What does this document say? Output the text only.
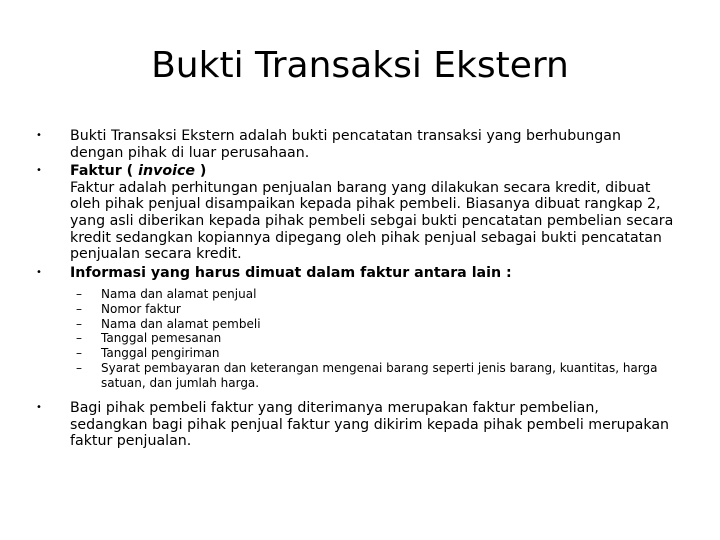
Bukti Transaksi Ekstern
• Bukti Transaksi Ekstern adalah bukti pencatatan transaksi yang berhubungan dengan pihak di luar perusahaan.
• Faktur ( invoice )
Faktur adalah perhitungan penjualan barang yang dilakukan secara kredit, dibuat oleh pihak penjual disampaikan kepada pihak pembeli. Biasanya dibuat rangkap 2, yang asli diberikan kepada pihak pembeli sebgai bukti pencatatan pembelian secara kredit sedangkan kopiannya dipegang oleh pihak penjual sebagai bukti pencatatan penjualan secara kredit.
• Informasi yang harus dimuat dalam faktur antara lain :
– Nama dan alamat penjual
– Nomor faktur
– Nama dan alamat pembeli
– Tanggal pemesanan
– Tanggal pengiriman
– Syarat pembayaran dan keterangan mengenai barang seperti jenis barang, kuantitas, harga satuan, dan jumlah harga.
• Bagi pihak pembeli faktur yang diterimanya merupakan faktur pembelian, sedangkan bagi pihak penjual faktur yang dikirim kepada pihak pembeli merupakan faktur penjualan.
